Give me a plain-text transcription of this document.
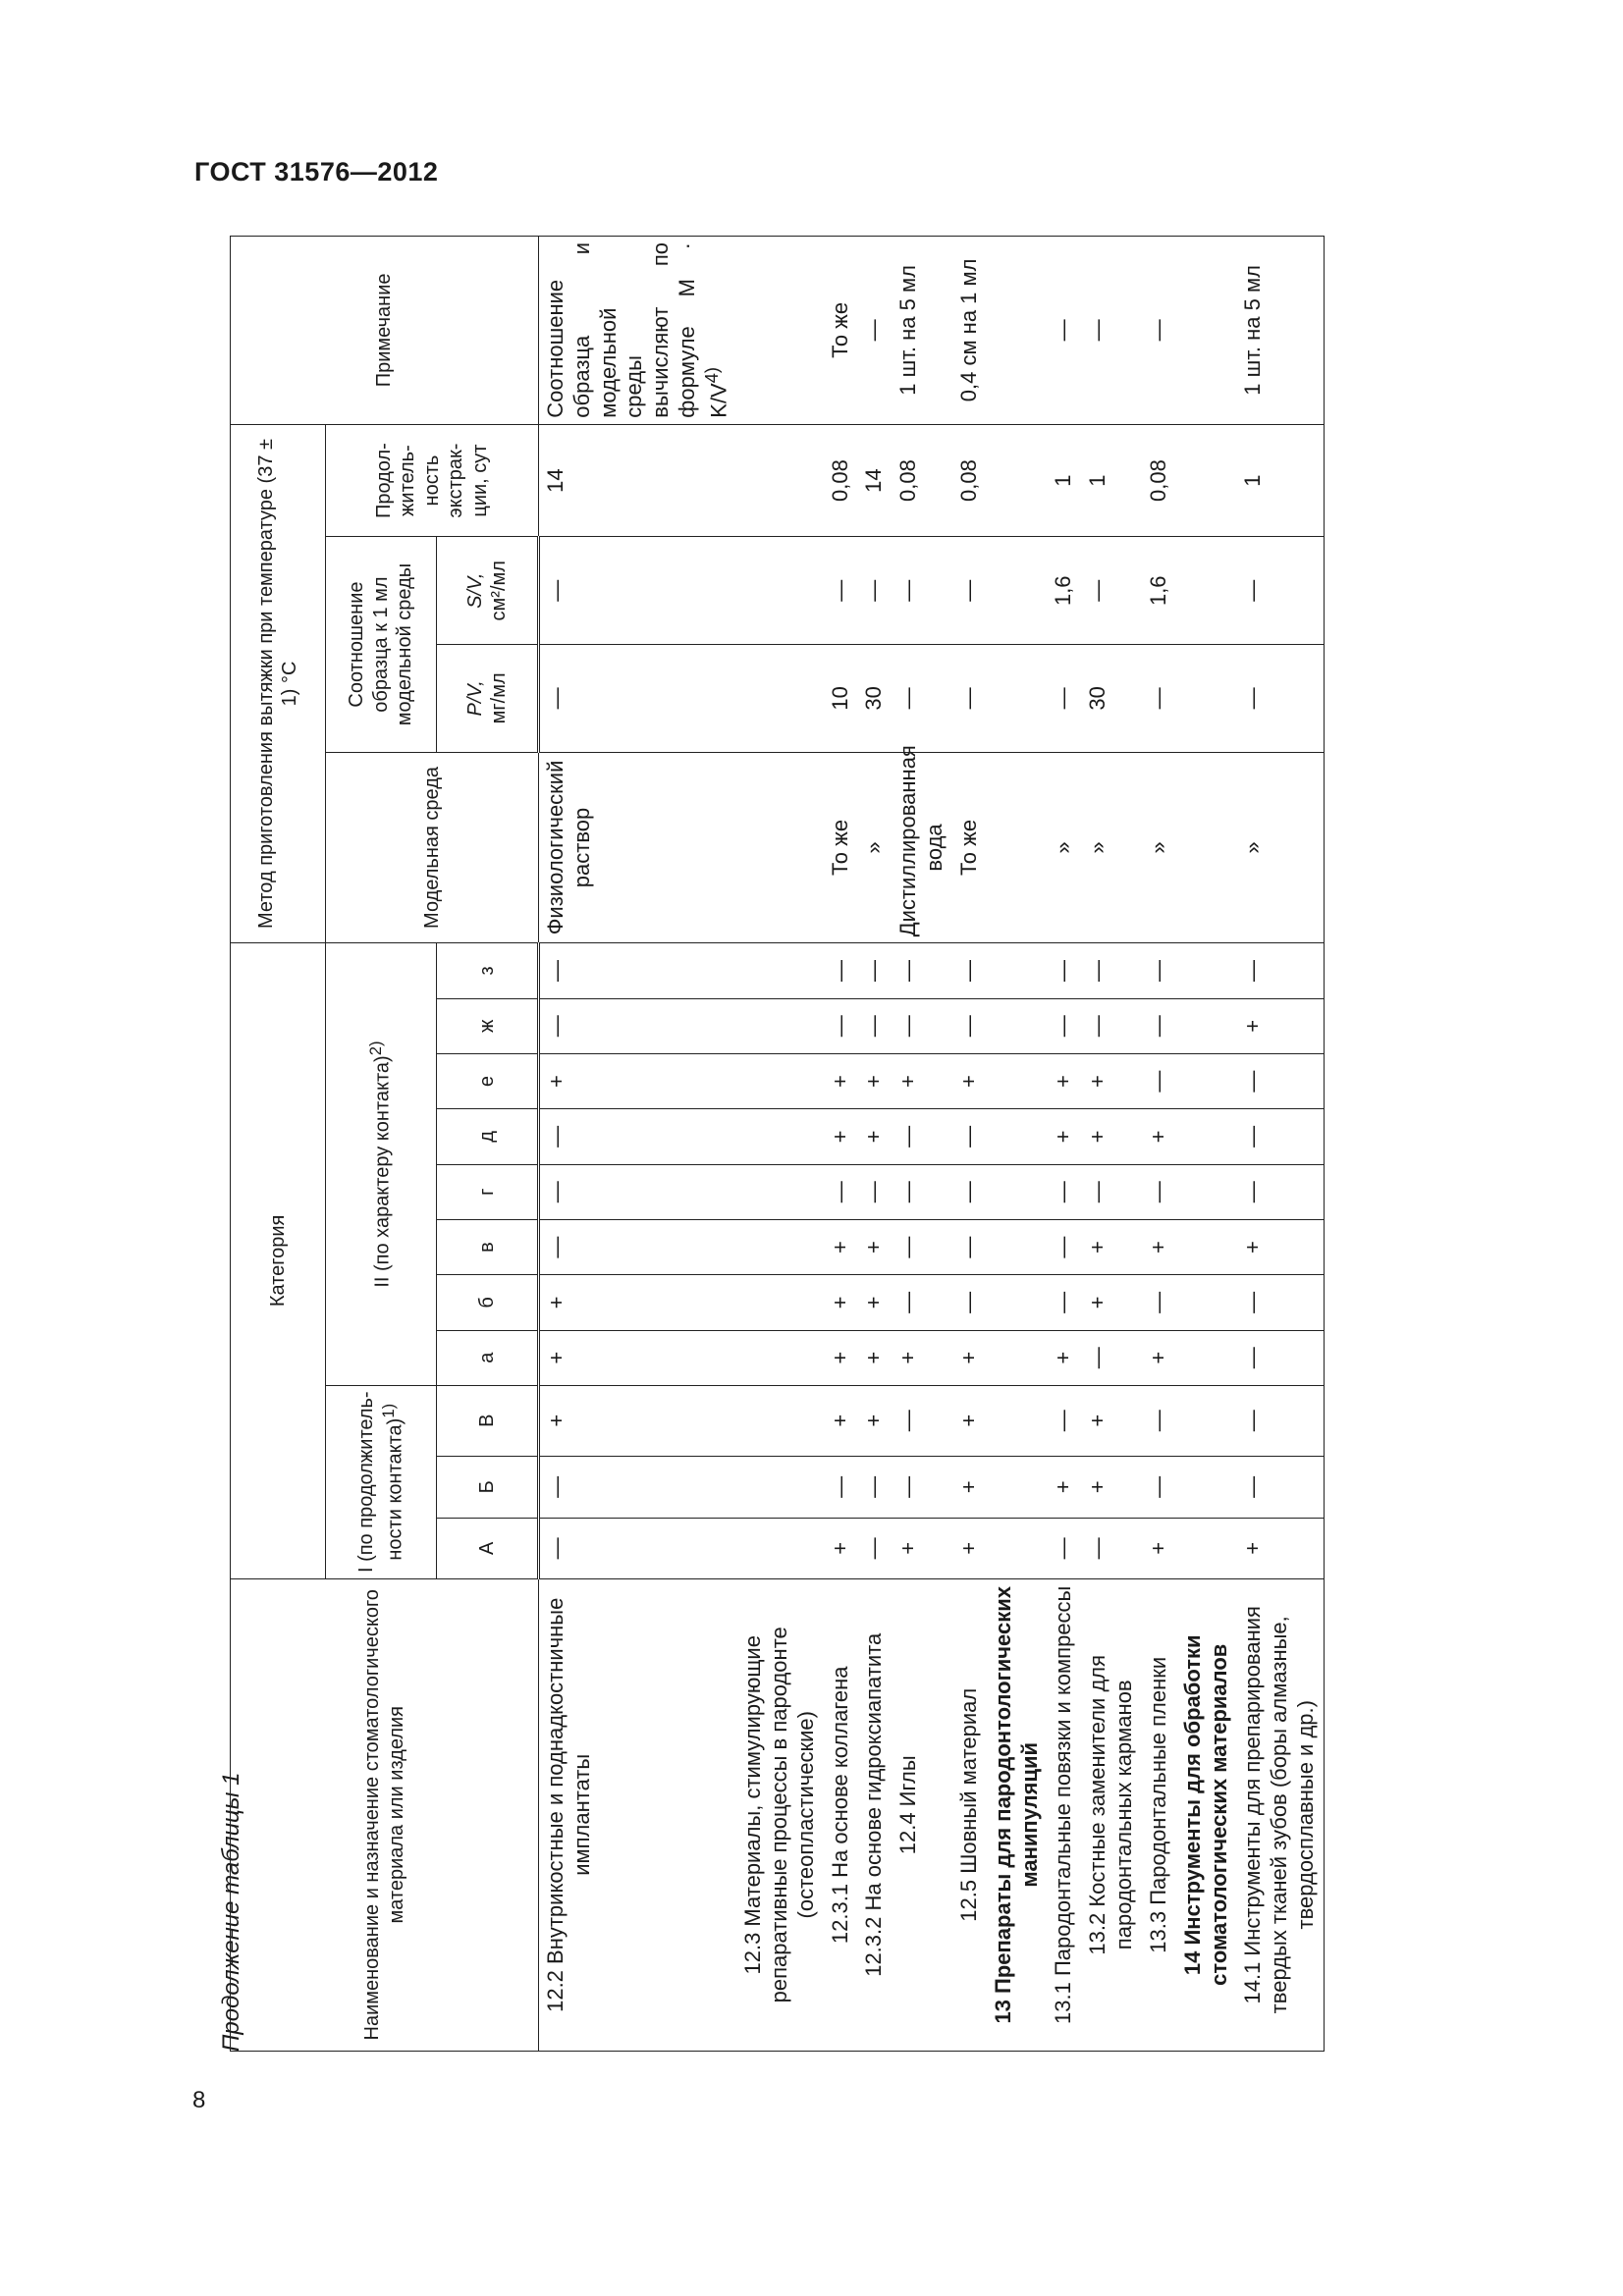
ГОСТ 31576—2012
Продолжение таблицы 1
8
Наименование и назначение стоматологического материала или изделия	Категория											Метод приготовления вытяжки при температуре (37 ± 1) °С				Примечание
	I (по продолжительности контакта)$^{1)}$			II (по характеру контакта)$^{2)}$								Модельная среда	Соотношение образца к 1 мл модельной среды		Продолжительность экстракции, сут	
	А	Б	В	а	б	в	г	д	е	ж	з		P/V, мг/мл	S/V, см²/мл		
12.2 Внутрикостные и поднадкостничные имплантаты	—	—	+	+	+	—	—	—	+	—	—	Физиологический раствор	—	—	14	Соотношение образца и модельной среды вычисляют по формуле $M \cdot K/V^{4)}$
12.3 Материалы, стимулирующие репаративные процессы в пародонте (остеопластические)																
12.3.1 На основе коллагена	+	—	+	+	+	+	—	+	+	—	—	То же	10	—	0,08	То же
12.3.2 На основе гидроксиапатита	—	—	+	+	+	+	—	+	+	—	—	»	30	—	14	—
12.4 Иглы	+	—	—	+	—	—	—	—	+	—	—	Дистиллированная вода	—	—	0,08	1 шт. на 5 мл
12.5 Шовный материал	+	+	+	+	—	—	—	—	+	—	—	То же	—	—	0,08	0,4 см на 1 мл
13 Препараты для пародонтологических манипуляций																
13.1 Пародонтальные повязки и компрессы	—	+	—	+	—	—	—	+	+	—	—	»	—	1,6	1	—
13.2 Костные заменители для пародонтальных карманов	—	+	+	—	+	+	—	+	+	—	—	»	30	—	1	—
13.3 Пародонтальные пленки	+	—	—	+	—	+	—	+	—	—	—	»	—	1,6	0,08	—
14 Инструменты для обработки стоматологических материалов																
14.1 Инструменты для препарирования твердых тканей зубов (боры алмазные, твердосплавные и др.)	+	—	—	—	—	+	—	—	—	+	—	»	—	—	1	1 шт. на 5 мл
